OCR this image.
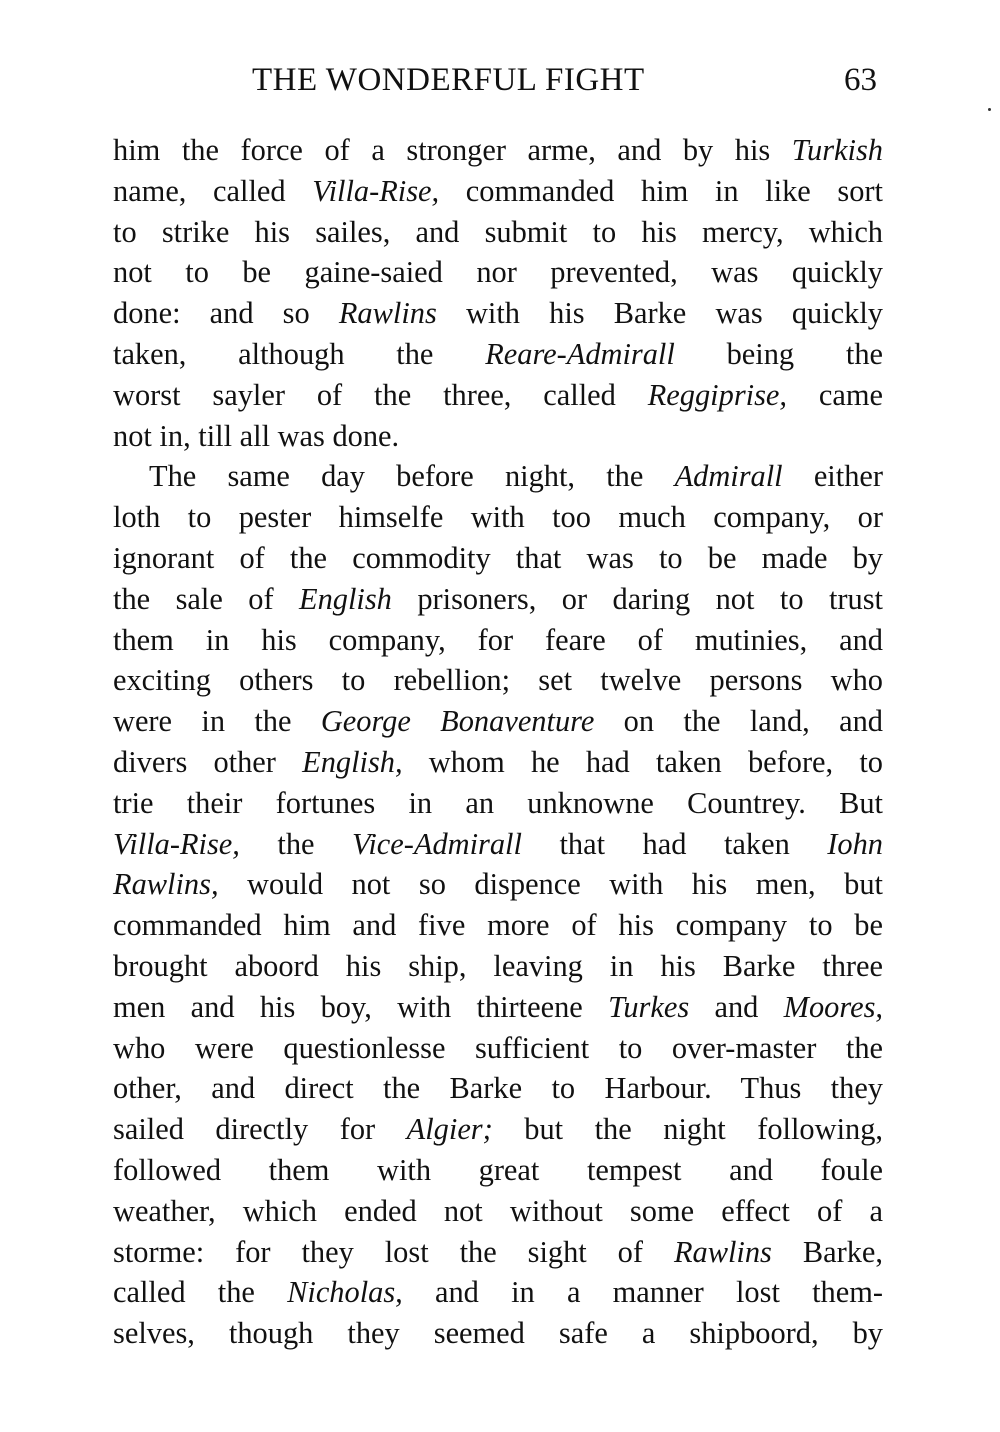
THE WONDERFUL FIGHT	63
him the force of a stronger arme, and by his Turkish
name, called Villa-Rise, commanded him in like sort
to strike his sailes, and submit to his mercy, which
not to be gaine-saied nor prevented, was quickly
done: and so Rawlins with his Barke was quickly
taken, although the Reare-Admirall being the
worst sayler of the three, called Reggiprise, came
not in, till all was done.
The same day before night, the Admirall either
loth to pester himselfe with too much company, or
ignorant of the commodity that was to be made by
the sale of English prisoners, or daring not to trust
them in his company, for feare of mutinies, and
exciting others to rebellion; set twelve persons who
were in the George Bonaventure on the land, and
divers other English, whom he had taken before, to
trie their fortunes in an unknowne Countrey. But
Villa-Rise, the Vice-Admirall that had taken Iohn
Rawlins, would not so dispence with his men, but
commanded him and five more of his company to be
brought aboord his ship, leaving in his Barke three
men and his boy, with thirteene Turkes and Moores,
who were questionlesse sufficient to over-master the
other, and direct the Barke to Harbour. Thus they
sailed directly for Algier; but the night following,
followed them with great tempest and foule
weather, which ended not without some effect of a
storme: for they lost the sight of Rawlins Barke,
called the Nicholas, and in a manner lost them-
selves, though they seemed safe a shipboord, by
